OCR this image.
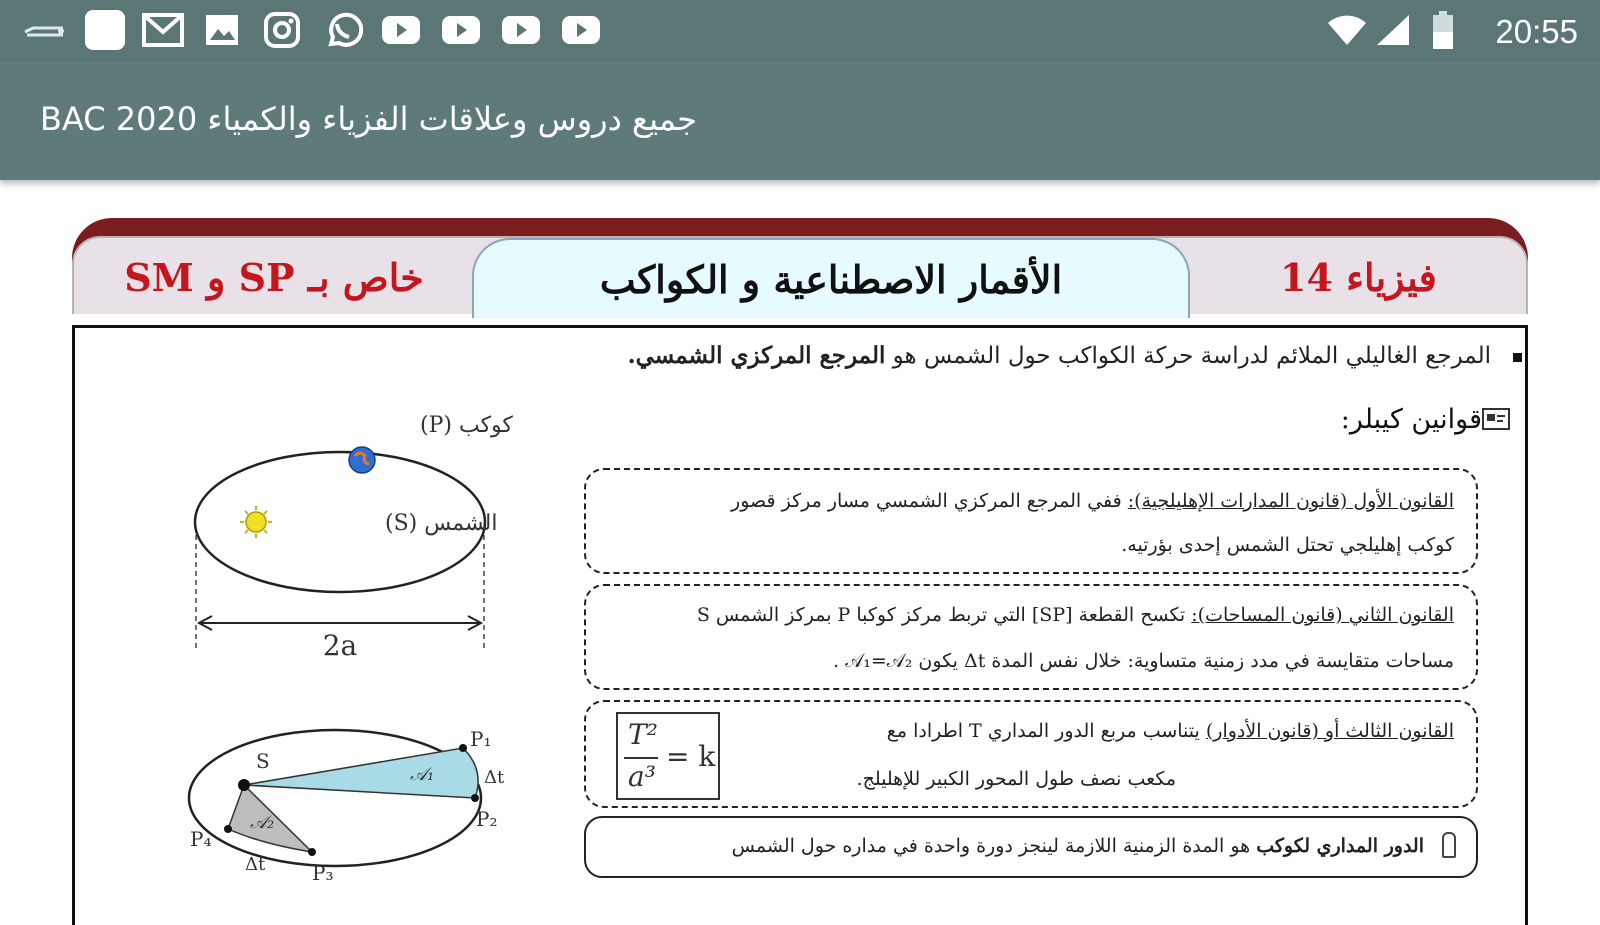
20:55
جميع دروس وعلاقات الفزياء والكمياء BAC 2020
خاص بـ SP و SM	الأقمار الاصطناعية و الكواكب	فيزياء 14
المرجع الغاليلي الملائم لدراسة حركة الكواكب حول الشمس هو المرجع المركزي الشمسي.
قوانين كيبلر:
القانون الأول (قانون المدارات الإهليلجية): ففي المرجع المركزي الشمسي مسار مركز قصور
كوكب إهليلجي تحتل الشمس إحدى بؤرتيه.
القانون الثاني (قانون المساحات): تكسح القطعة [SP] التي تربط مركز كوكبا P بمركز الشمس S
مساحات متقايسة في مدد زمنية متساوية: خلال نفس المدة Δt يكون 𝒜₁=𝒜₂ .
القانون الثالث أو (قانون الأدوار) يتناسب مربع الدور المداري T اطرادا مع
مكعب نصف طول المحور الكبير للإهليلج.
T²
a³
= k
الدور المداري لكوكب هو المدة الزمنية اللازمة لينجز دورة واحدة في مداره حول الشمس
كوكب (P)
الشمس (S)
2a
S
P₁
P₂
P₃
P₄
Δt
Δt
𝒜₁
𝒜₂
